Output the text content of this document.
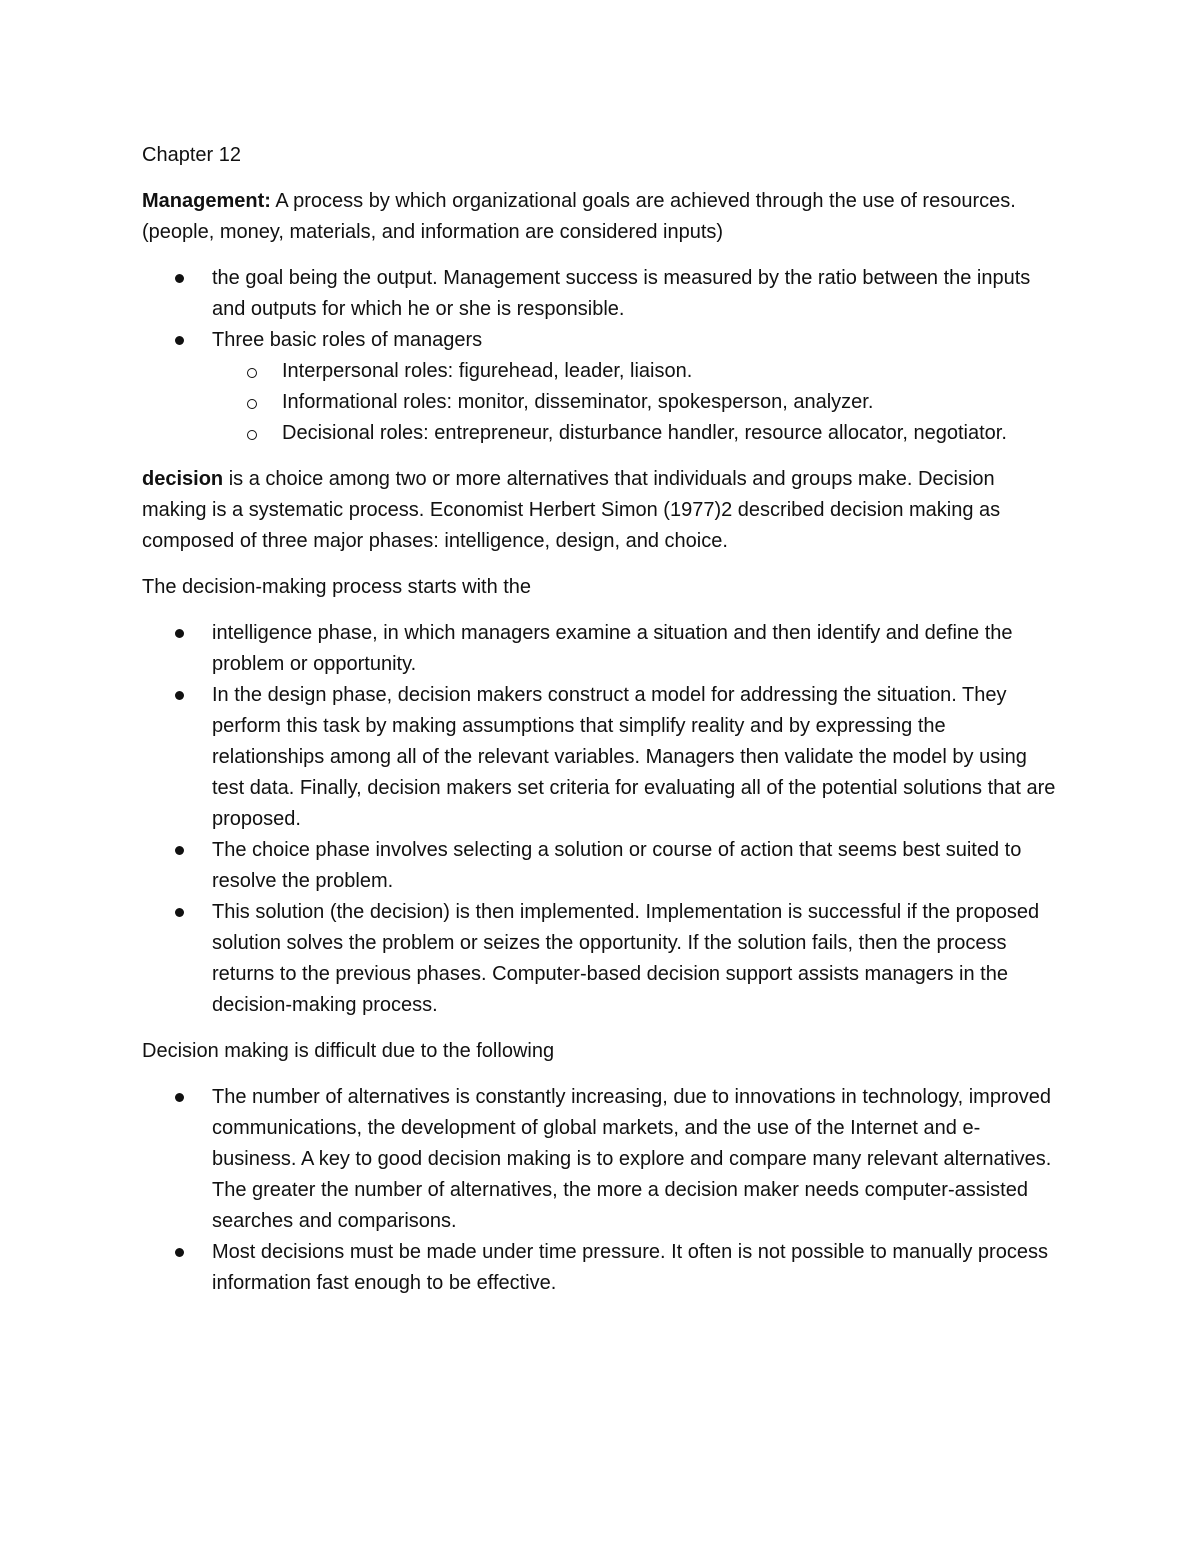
Chapter 12

Management: A process by which organizational goals are achieved through the use of resources. (people, money, materials, and information are considered inputs)

the goal being the output. Management success is measured by the ratio between the inputs and outputs for which he or she is responsible.
Three basic roles of managers
Interpersonal roles: figurehead, leader, liaison.
Informational roles: monitor, disseminator, spokesperson, analyzer.
Decisional roles: entrepreneur, disturbance handler, resource allocator, negotiator.

decision is a choice among two or more alternatives that individuals and groups make. Decision making is a systematic process. Economist Herbert Simon (1977)2 described decision making as composed of three major phases: intelligence, design, and choice.

The decision-making process starts with the

intelligence phase, in which managers examine a situation and then identify and define the problem or opportunity.
In the design phase, decision makers construct a model for addressing the situation. They perform this task by making assumptions that simplify reality and by expressing the relationships among all of the relevant variables. Managers then validate the model by using test data. Finally, decision makers set criteria for evaluating all of the potential solutions that are proposed.
The choice phase involves selecting a solution or course of action that seems best suited to resolve the problem.
This solution (the decision) is then implemented. Implementation is successful if the proposed solution solves the problem or seizes the opportunity. If the solution fails, then the process returns to the previous phases. Computer-based decision support assists managers in the decision-making process.

Decision making is difficult due to the following

The number of alternatives is constantly increasing, due to innovations in technology, improved communications, the development of global markets, and the use of the Internet and e-business. A key to good decision making is to explore and compare many relevant alternatives. The greater the number of alternatives, the more a decision maker needs computer-assisted searches and comparisons.
Most decisions must be made under time pressure. It often is not possible to manually process information fast enough to be effective.
